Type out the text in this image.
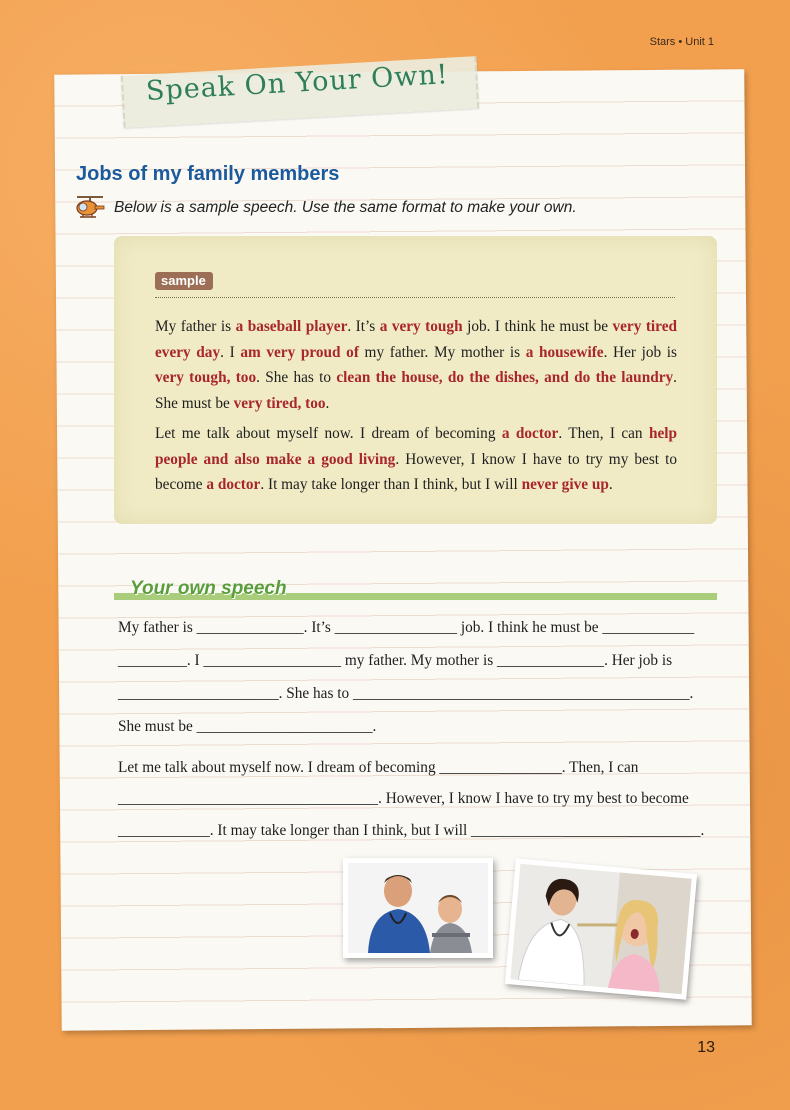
Stars • Unit 1
Speak On Your Own!
Jobs of my family members
Below is a sample speech. Use the same format to make your own.
sample

My father is a baseball player. It’s a very tough job. I think he must be very tired every day. I am very proud of my father. My mother is a housewife. Her job is very tough, too. She has to clean the house, do the dishes, and do the laundry. She must be very tired, too.

Let me talk about myself now. I dream of becoming a doctor. Then, I can help people and also make a good living. However, I know I have to try my best to become a doctor. It may take longer than I think, but I will never give up.

Your own speech

My father is ______________. It’s ________________ job. I think he must be ____________

_________. I __________________ my father. My mother is ______________. Her job is

_____________________. She has to ____________________________________________.

She must be _______________________.

Let me talk about myself now. I dream of becoming ________________. Then, I can

__________________________________. However, I know I have to try my best to become

____________. It may take longer than I think, but I will ______________________________.

13
